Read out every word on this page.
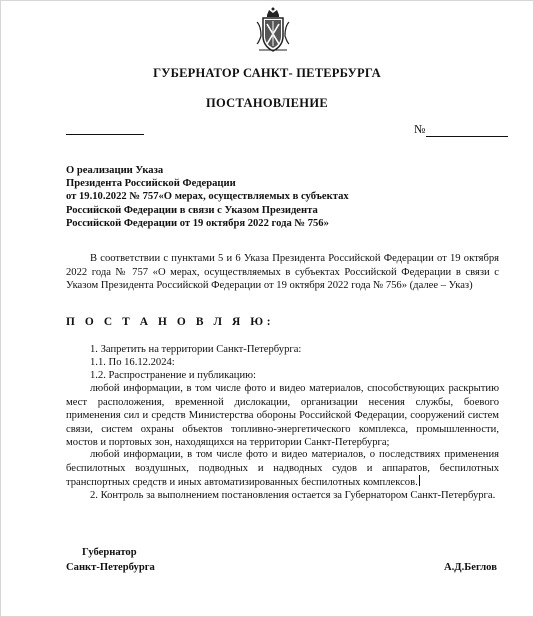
ГУБЕРНАТОР САНКТ- ПЕТЕРБУРГА
ПОСТАНОВЛЕНИЕ
№
О реализации Указа
Президента Российской Федерации
от 19.10.2022 № 757«О мерах, осуществляемых в субъектах
Российской Федерации в связи с Указом Президента
Российской Федерации от 19 октября 2022 года № 756»
В соответствии с пунктами 5 и 6 Указа Президента Российской Федерации от 19 октября 2022 года № 757 «О мерах, осуществляемых в субъектах Российской Федерации в связи с Указом Президента Российской Федерации от 19 октября 2022 года № 756» (далее – Указ)
П О С Т А Н О В Л Я Ю:
1. Запретить на территории Санкт-Петербурга:
1.1. По 16.12.2024:
1.2. Распространение и публикацию:
любой информации, в том числе фото и видео материалов, способствующих раскрытию мест расположения, временной дислокации, организации несения службы, боевого применения сил и средств Министерства обороны Российской Федерации, сооружений систем связи, систем охраны объектов топливно-энергетического комплекса, промышленности, мостов и портовых зон, находящихся на территории Санкт-Петербурга;
любой информации, в том числе фото и видео материалов, о последствиях применения беспилотных воздушных, подводных и надводных судов и аппаратов, беспилотных транспортных средств и иных автоматизированных беспилотных комплексов.
2. Контроль за выполнением постановления остается за Губернатором Санкт-Петербурга.
Губернатор
Санкт-Петербурга	А.Д.Беглов
